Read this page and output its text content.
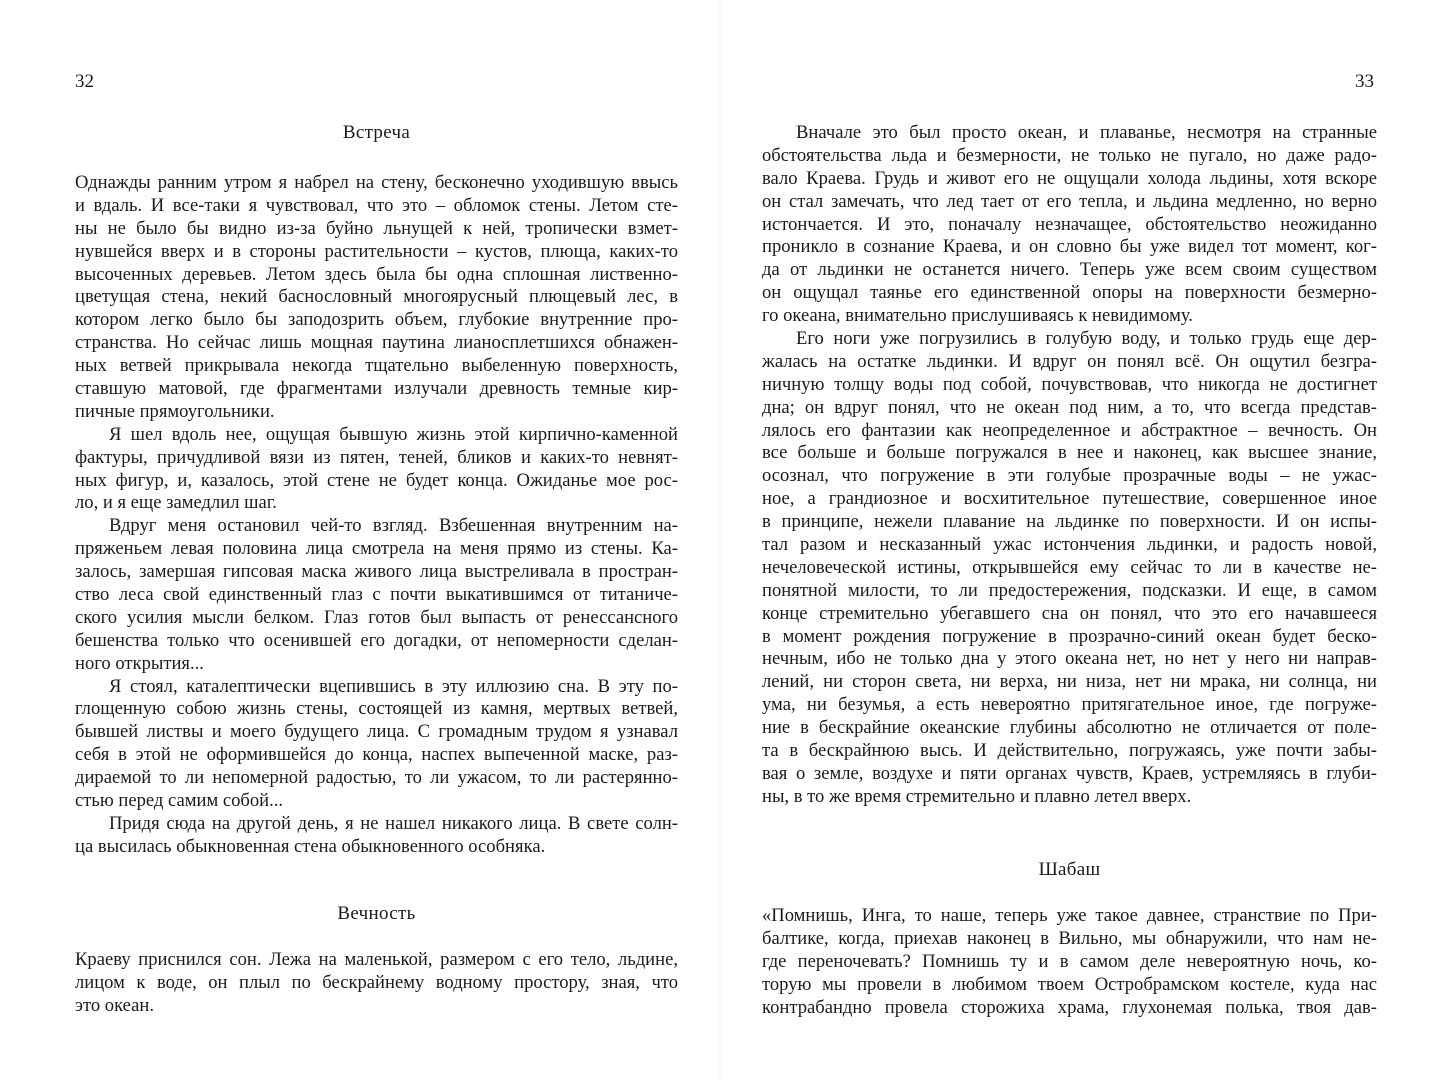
32	33
Встреча
Однажды ранним утром я набрел на стену, бесконечно уходившую ввысь
и вдаль. И все-таки я чувствовал, что это – обломок стены. Летом сте-
ны не было бы видно из-за буйно льнущей к ней, тропически взмет-
нувшейся вверх и в стороны растительности – кустов, плюща, каких-то
высоченных деревьев. Летом здесь была бы одна сплошная лиственно-
цветущая стена, некий баснословный многоярусный плющевый лес, в
котором легко было бы заподозрить объем, глубокие внутренние про-
странства. Но сейчас лишь мощная паутина лианосплетшихся обнажен-
ных ветвей прикрывала некогда тщательно выбеленную поверхность,
ставшую матовой, где фрагментами излучали древность темные кир-
пичные прямоугольники.
Я шел вдоль нее, ощущая бывшую жизнь этой кирпично-каменной
фактуры, причудливой вязи из пятен, теней, бликов и каких-то невнят-
ных фигур, и, казалось, этой стене не будет конца. Ожиданье мое рос-
ло, и я еще замедлил шаг.
Вдруг меня остановил чей-то взгляд. Взбешенная внутренним на-
пряженьем левая половина лица смотрела на меня прямо из стены. Ка-
залось, замершая гипсовая маска живого лица выстреливала в простран-
ство леса свой единственный глаз с почти выкатившимся от титаниче-
ского усилия мысли белком. Глаз готов был выпасть от ренессансного
бешенства только что осенившей его догадки, от непомерности сделан-
ного открытия...
Я стоял, каталептически вцепившись в эту иллюзию сна. В эту по-
глощенную собою жизнь стены, состоящей из камня, мертвых ветвей,
бывшей листвы и моего будущего лица. С громадным трудом я узнавал
себя в этой не оформившейся до конца, наспех выпеченной маске, раз-
дираемой то ли непомерной радостью, то ли ужасом, то ли растерянно-
стью перед самим собой...
Придя сюда на другой день, я не нашел никакого лица. В свете солн-
ца высилась обыкновенная стена обыкновенного особняка.
Вечность
Краеву приснился сон. Лежа на маленькой, размером с его тело, льдине,
лицом к воде, он плыл по бескрайнему водному простору, зная, что
это океан.
Вначале это был просто океан, и плаванье, несмотря на странные
обстоятельства льда и безмерности, не только не пугало, но даже радо-
вало Краева. Грудь и живот его не ощущали холода льдины, хотя вскоре
он стал замечать, что лед тает от его тепла, и льдина медленно, но верно
истончается. И это, поначалу незначащее, обстоятельство неожиданно
проникло в сознание Краева, и он словно бы уже видел тот момент, ког-
да от льдинки не останется ничего. Теперь уже всем своим существом
он ощущал таянье его единственной опоры на поверхности безмерно-
го океана, внимательно прислушиваясь к невидимому.
Его ноги уже погрузились в голубую воду, и только грудь еще дер-
жалась на остатке льдинки. И вдруг он понял всё. Он ощутил безгра-
ничную толщу воды под собой, почувствовав, что никогда не достигнет
дна; он вдруг понял, что не океан под ним, а то, что всегда представ-
лялось его фантазии как неопределенное и абстрактное – вечность. Он
все больше и больше погружался в нее и наконец, как высшее знание,
осознал, что погружение в эти голубые прозрачные воды – не ужас-
ное, а грандиозное и восхитительное путешествие, совершенное иное
в принципе, нежели плавание на льдинке по поверхности. И он испы-
тал разом и несказанный ужас истончения льдинки, и радость новой,
нечеловеческой истины, открывшейся ему сейчас то ли в качестве не-
понятной милости, то ли предостережения, подсказки. И еще, в самом
конце стремительно убегавшего сна он понял, что это его начавшееся
в момент рождения погружение в прозрачно-синий океан будет беско-
нечным, ибо не только дна у этого океана нет, но нет у него ни направ-
лений, ни сторон света, ни верха, ни низа, нет ни мрака, ни солнца, ни
ума, ни безумья, а есть невероятно притягательное иное, где погруже-
ние в бескрайние океанские глубины абсолютно не отличается от поле-
та в бескрайнюю высь. И действительно, погружаясь, уже почти забы-
вая о земле, воздухе и пяти органах чувств, Краев, устремляясь в глуби-
ны, в то же время стремительно и плавно летел вверх.
Шабаш
«Помнишь, Инга, то наше, теперь уже такое давнее, странствие по При-
балтике, когда, приехав наконец в Вильно, мы обнаружили, что нам не-
где переночевать? Помнишь ту и в самом деле невероятную ночь, ко-
торую мы провели в любимом твоем Остробрамском костеле, куда нас
контрабандно провела сторожиха храма, глухонемая полька, твоя дав-
